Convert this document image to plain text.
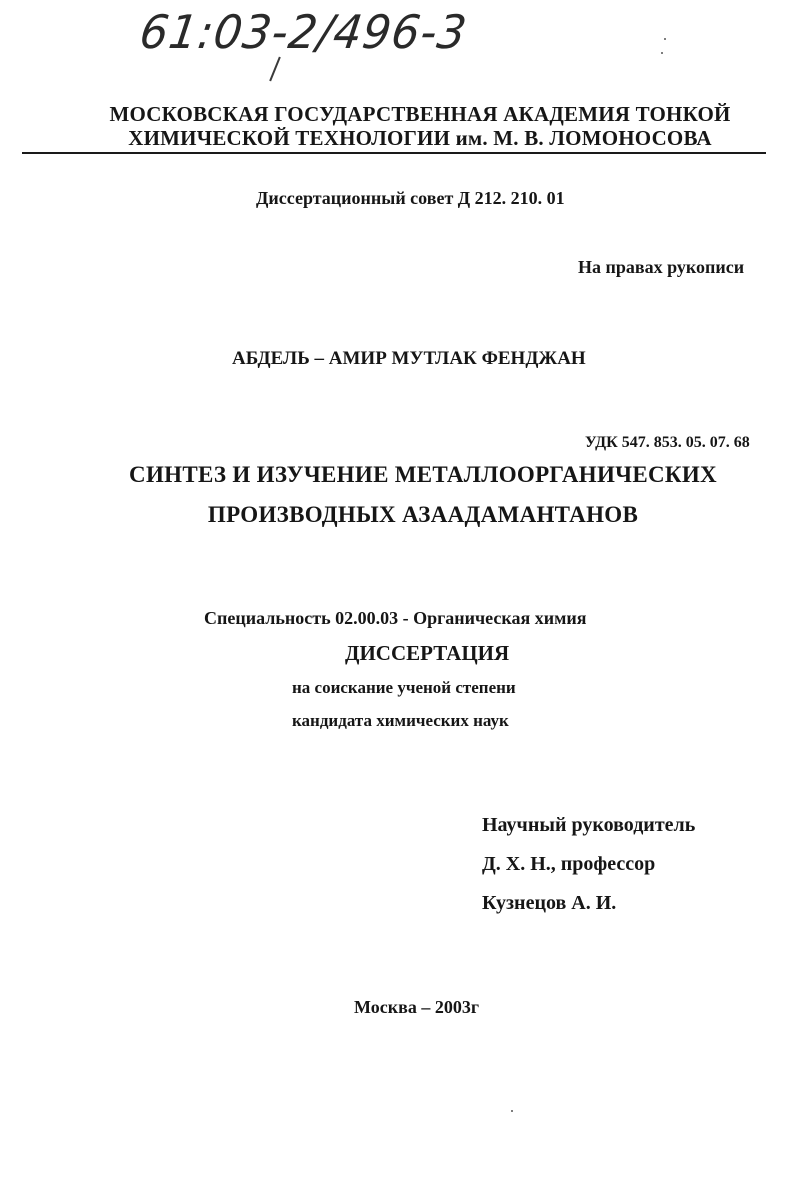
61:03-2/496-3
МОСКОВСКАЯ ГОСУДАРСТВЕННАЯ АКАДЕМИЯ ТОНКОЙ
ХИМИЧЕСКОЙ ТЕХНОЛОГИИ им. М. В. ЛОМОНОСОВА
Диссертационный совет Д 212. 210. 01
На правах рукописи
АБДЕЛЬ – АМИР МУТЛАК ФЕНДЖАН
УДК 547. 853. 05. 07. 68
СИНТЕЗ И ИЗУЧЕНИЕ МЕТАЛЛООРГАНИЧЕСКИХ
ПРОИЗВОДНЫХ АЗААДАМАНТАНОВ
Специальность 02.00.03 - Органическая химия
ДИССЕРТАЦИЯ
на соискание ученой степени
кандидата химических наук
Научный руководитель
Д. Х. Н., профессор
Кузнецов А. И.
Москва – 2003г
